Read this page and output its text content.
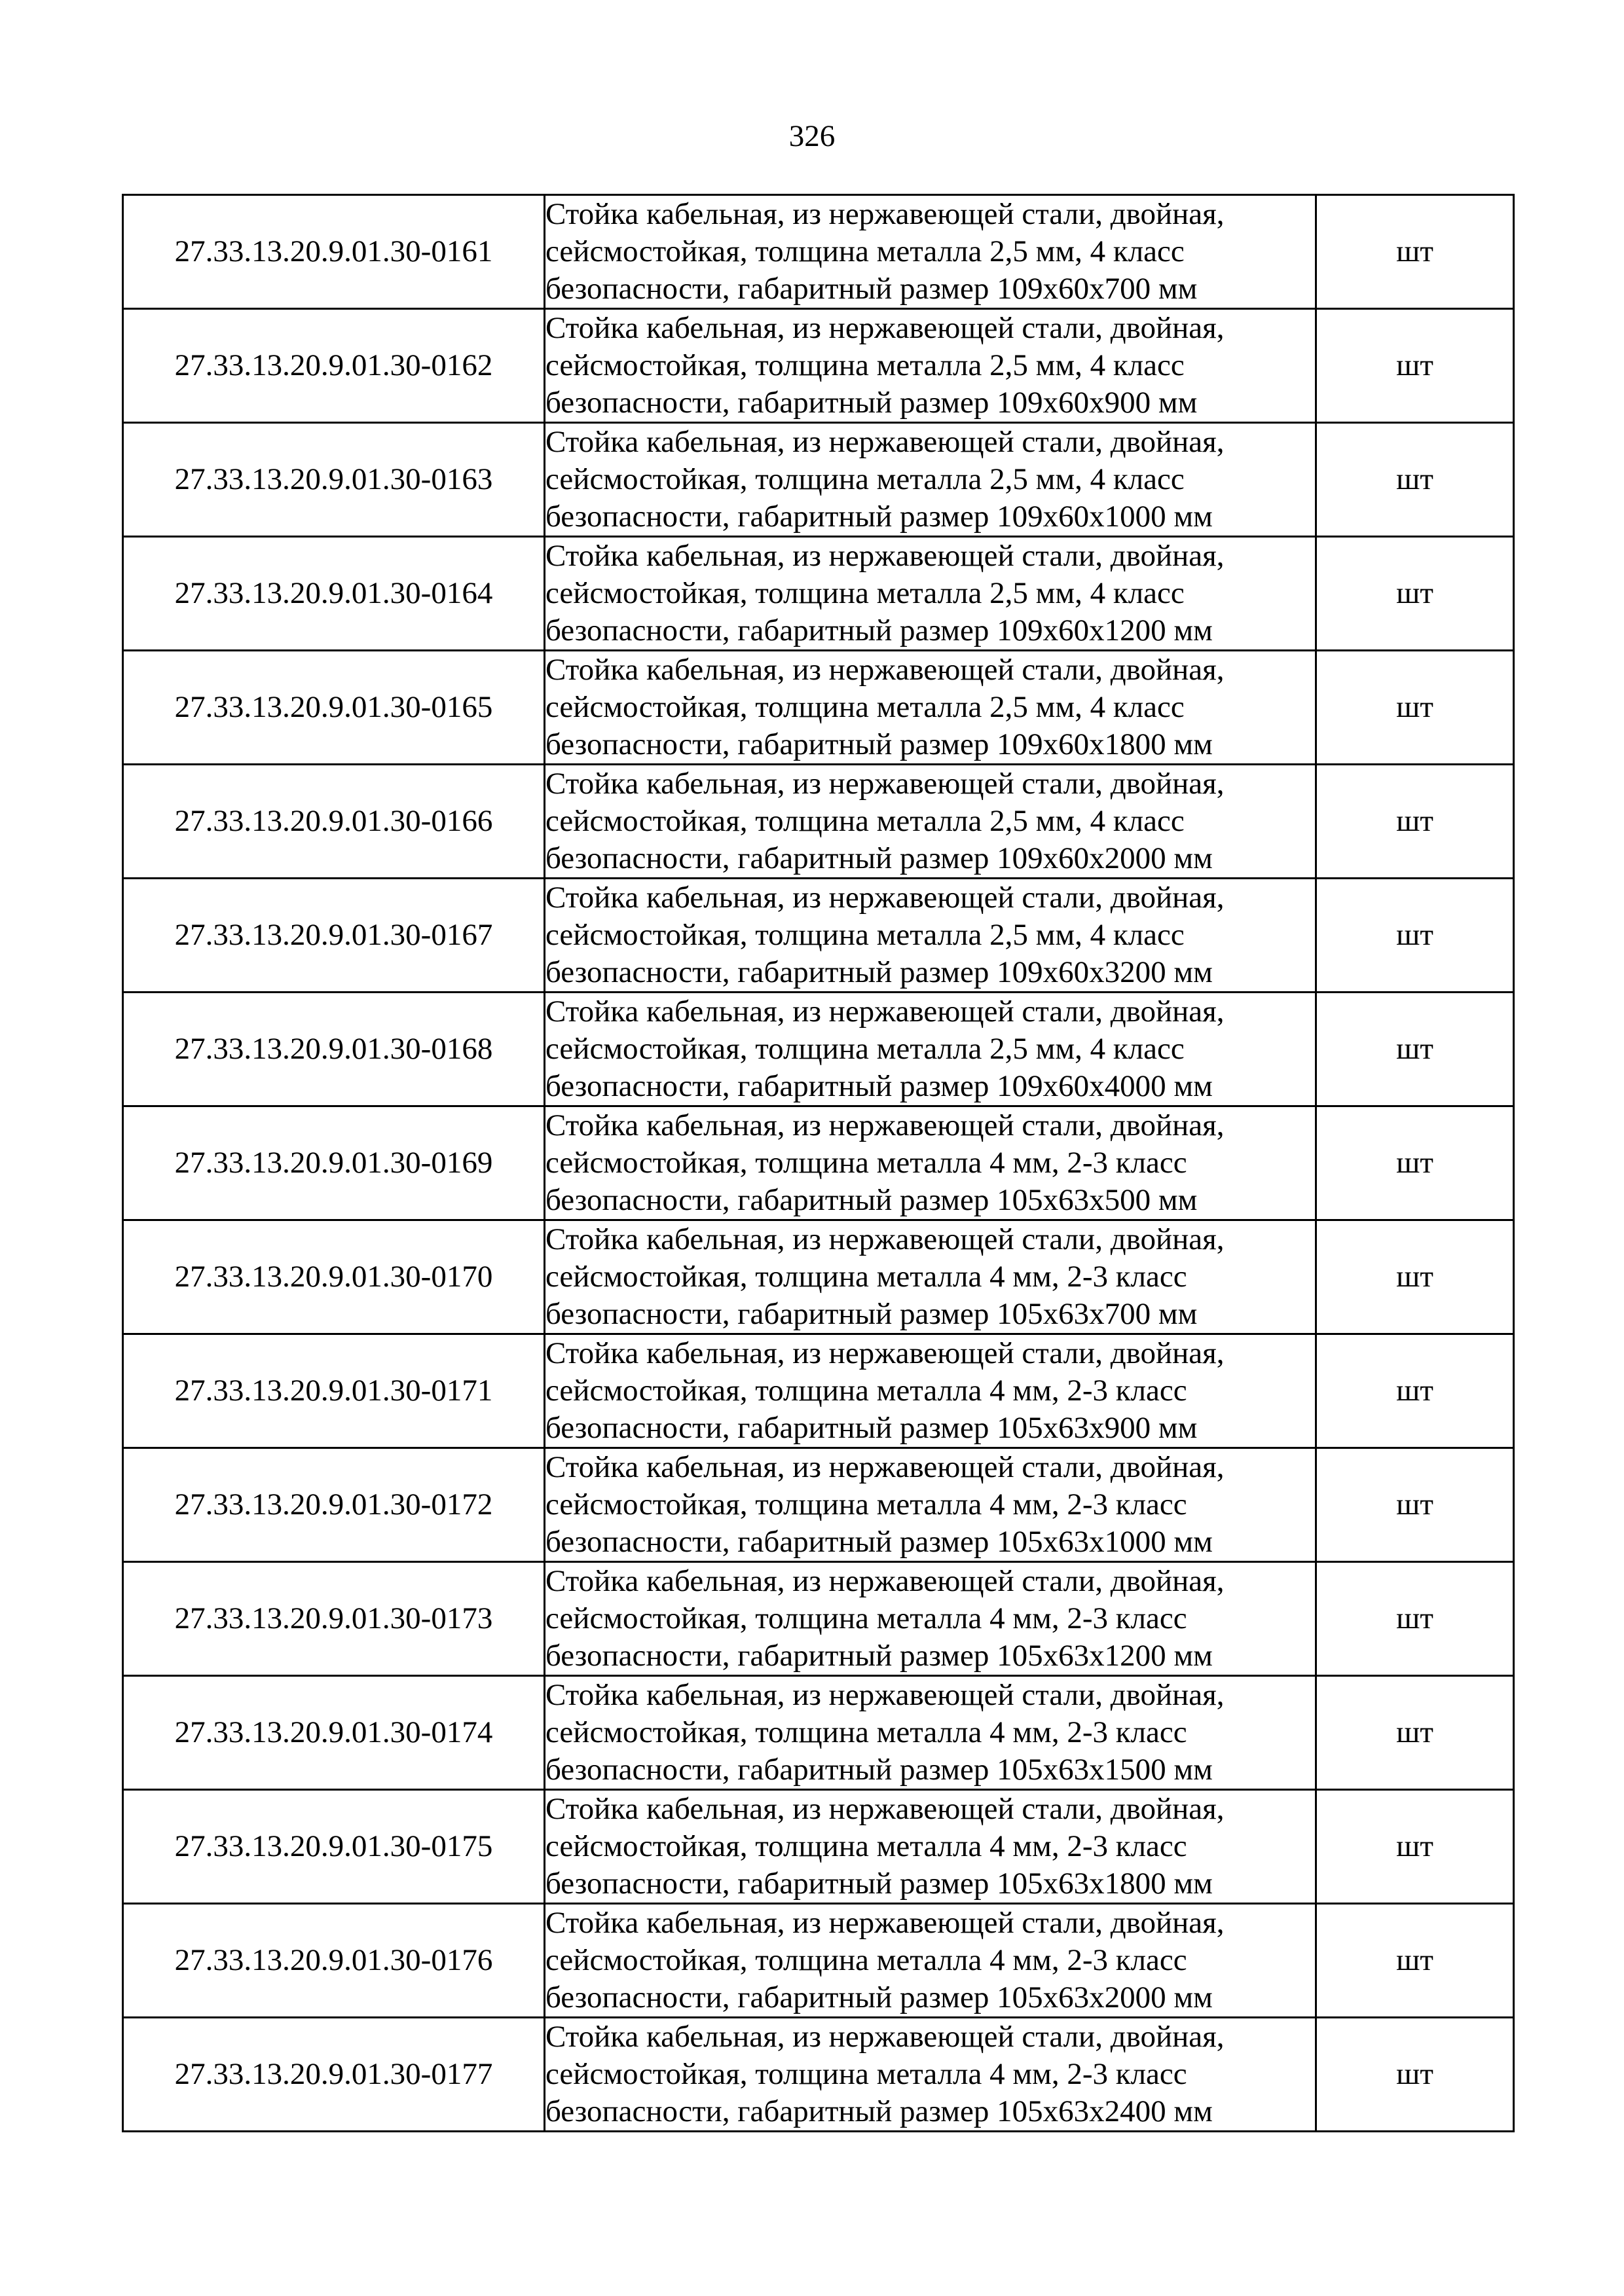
326
27.33.13.20.9.01.30-0161	Стойка кабельная, из нержавеющей стали, двойная,
сейсмостойкая, толщина металла 2,5 мм, 4 класс
безопасности, габаритный размер 109x60x700 мм	шт
27.33.13.20.9.01.30-0162	Стойка кабельная, из нержавеющей стали, двойная,
сейсмостойкая, толщина металла 2,5 мм, 4 класс
безопасности, габаритный размер 109x60x900 мм	шт
27.33.13.20.9.01.30-0163	Стойка кабельная, из нержавеющей стали, двойная,
сейсмостойкая, толщина металла 2,5 мм, 4 класс
безопасности, габаритный размер 109x60x1000 мм	шт
27.33.13.20.9.01.30-0164	Стойка кабельная, из нержавеющей стали, двойная,
сейсмостойкая, толщина металла 2,5 мм, 4 класс
безопасности, габаритный размер 109x60x1200 мм	шт
27.33.13.20.9.01.30-0165	Стойка кабельная, из нержавеющей стали, двойная,
сейсмостойкая, толщина металла 2,5 мм, 4 класс
безопасности, габаритный размер 109x60x1800 мм	шт
27.33.13.20.9.01.30-0166	Стойка кабельная, из нержавеющей стали, двойная,
сейсмостойкая, толщина металла 2,5 мм, 4 класс
безопасности, габаритный размер 109x60x2000 мм	шт
27.33.13.20.9.01.30-0167	Стойка кабельная, из нержавеющей стали, двойная,
сейсмостойкая, толщина металла 2,5 мм, 4 класс
безопасности, габаритный размер 109x60x3200 мм	шт
27.33.13.20.9.01.30-0168	Стойка кабельная, из нержавеющей стали, двойная,
сейсмостойкая, толщина металла 2,5 мм, 4 класс
безопасности, габаритный размер 109x60x4000 мм	шт
27.33.13.20.9.01.30-0169	Стойка кабельная, из нержавеющей стали, двойная,
сейсмостойкая, толщина металла 4 мм, 2-3 класс
безопасности, габаритный размер 105x63x500 мм	шт
27.33.13.20.9.01.30-0170	Стойка кабельная, из нержавеющей стали, двойная,
сейсмостойкая, толщина металла 4 мм, 2-3 класс
безопасности, габаритный размер 105x63x700 мм	шт
27.33.13.20.9.01.30-0171	Стойка кабельная, из нержавеющей стали, двойная,
сейсмостойкая, толщина металла 4 мм, 2-3 класс
безопасности, габаритный размер 105x63x900 мм	шт
27.33.13.20.9.01.30-0172	Стойка кабельная, из нержавеющей стали, двойная,
сейсмостойкая, толщина металла 4 мм, 2-3 класс
безопасности, габаритный размер 105x63x1000 мм	шт
27.33.13.20.9.01.30-0173	Стойка кабельная, из нержавеющей стали, двойная,
сейсмостойкая, толщина металла 4 мм, 2-3 класс
безопасности, габаритный размер 105x63x1200 мм	шт
27.33.13.20.9.01.30-0174	Стойка кабельная, из нержавеющей стали, двойная,
сейсмостойкая, толщина металла 4 мм, 2-3 класс
безопасности, габаритный размер 105x63x1500 мм	шт
27.33.13.20.9.01.30-0175	Стойка кабельная, из нержавеющей стали, двойная,
сейсмостойкая, толщина металла 4 мм, 2-3 класс
безопасности, габаритный размер 105x63x1800 мм	шт
27.33.13.20.9.01.30-0176	Стойка кабельная, из нержавеющей стали, двойная,
сейсмостойкая, толщина металла 4 мм, 2-3 класс
безопасности, габаритный размер 105x63x2000 мм	шт
27.33.13.20.9.01.30-0177	Стойка кабельная, из нержавеющей стали, двойная,
сейсмостойкая, толщина металла 4 мм, 2-3 класс
безопасности, габаритный размер 105x63x2400 мм	шт
